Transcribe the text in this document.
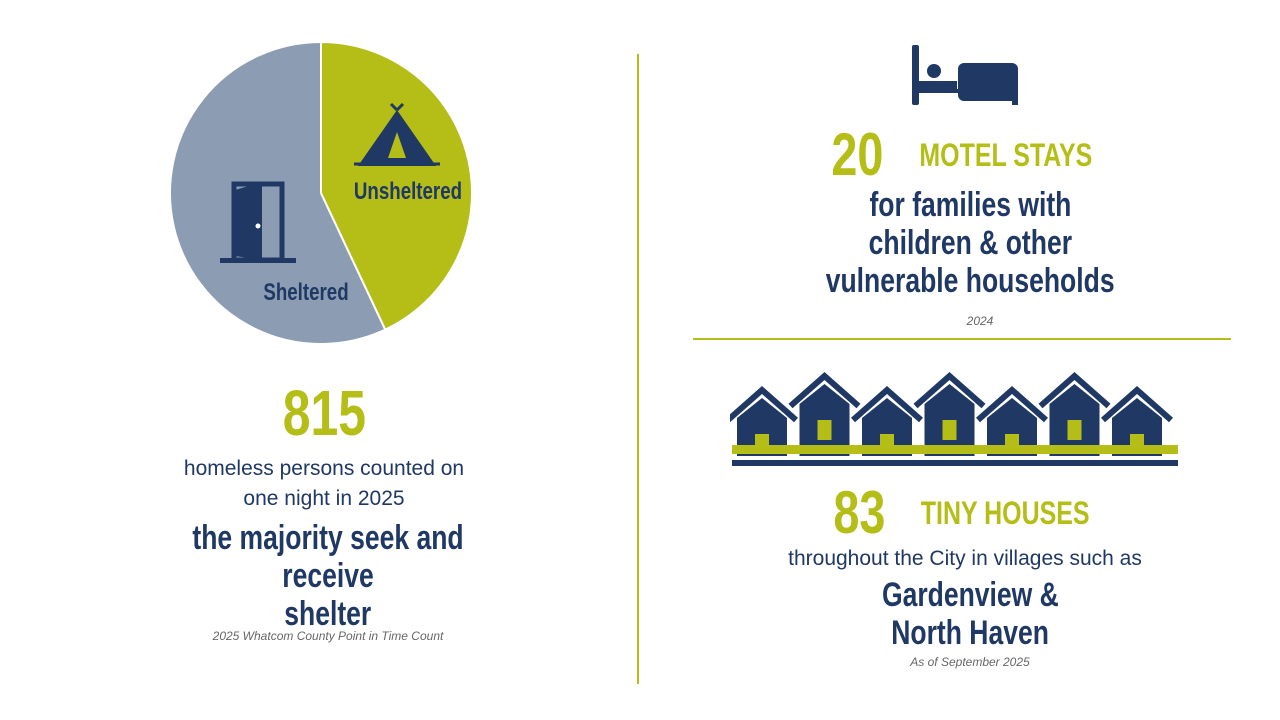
Unsheltered
Sheltered
815
homeless persons counted on
one night in 2025
the majority seek and receive
shelter
2025 Whatcom County Point in Time Count
20 MOTEL STAYS
for families with
children & other
vulnerable households
2024
83 TINY HOUSES
throughout the City in villages such as
Gardenview &
North Haven
As of September 2025
